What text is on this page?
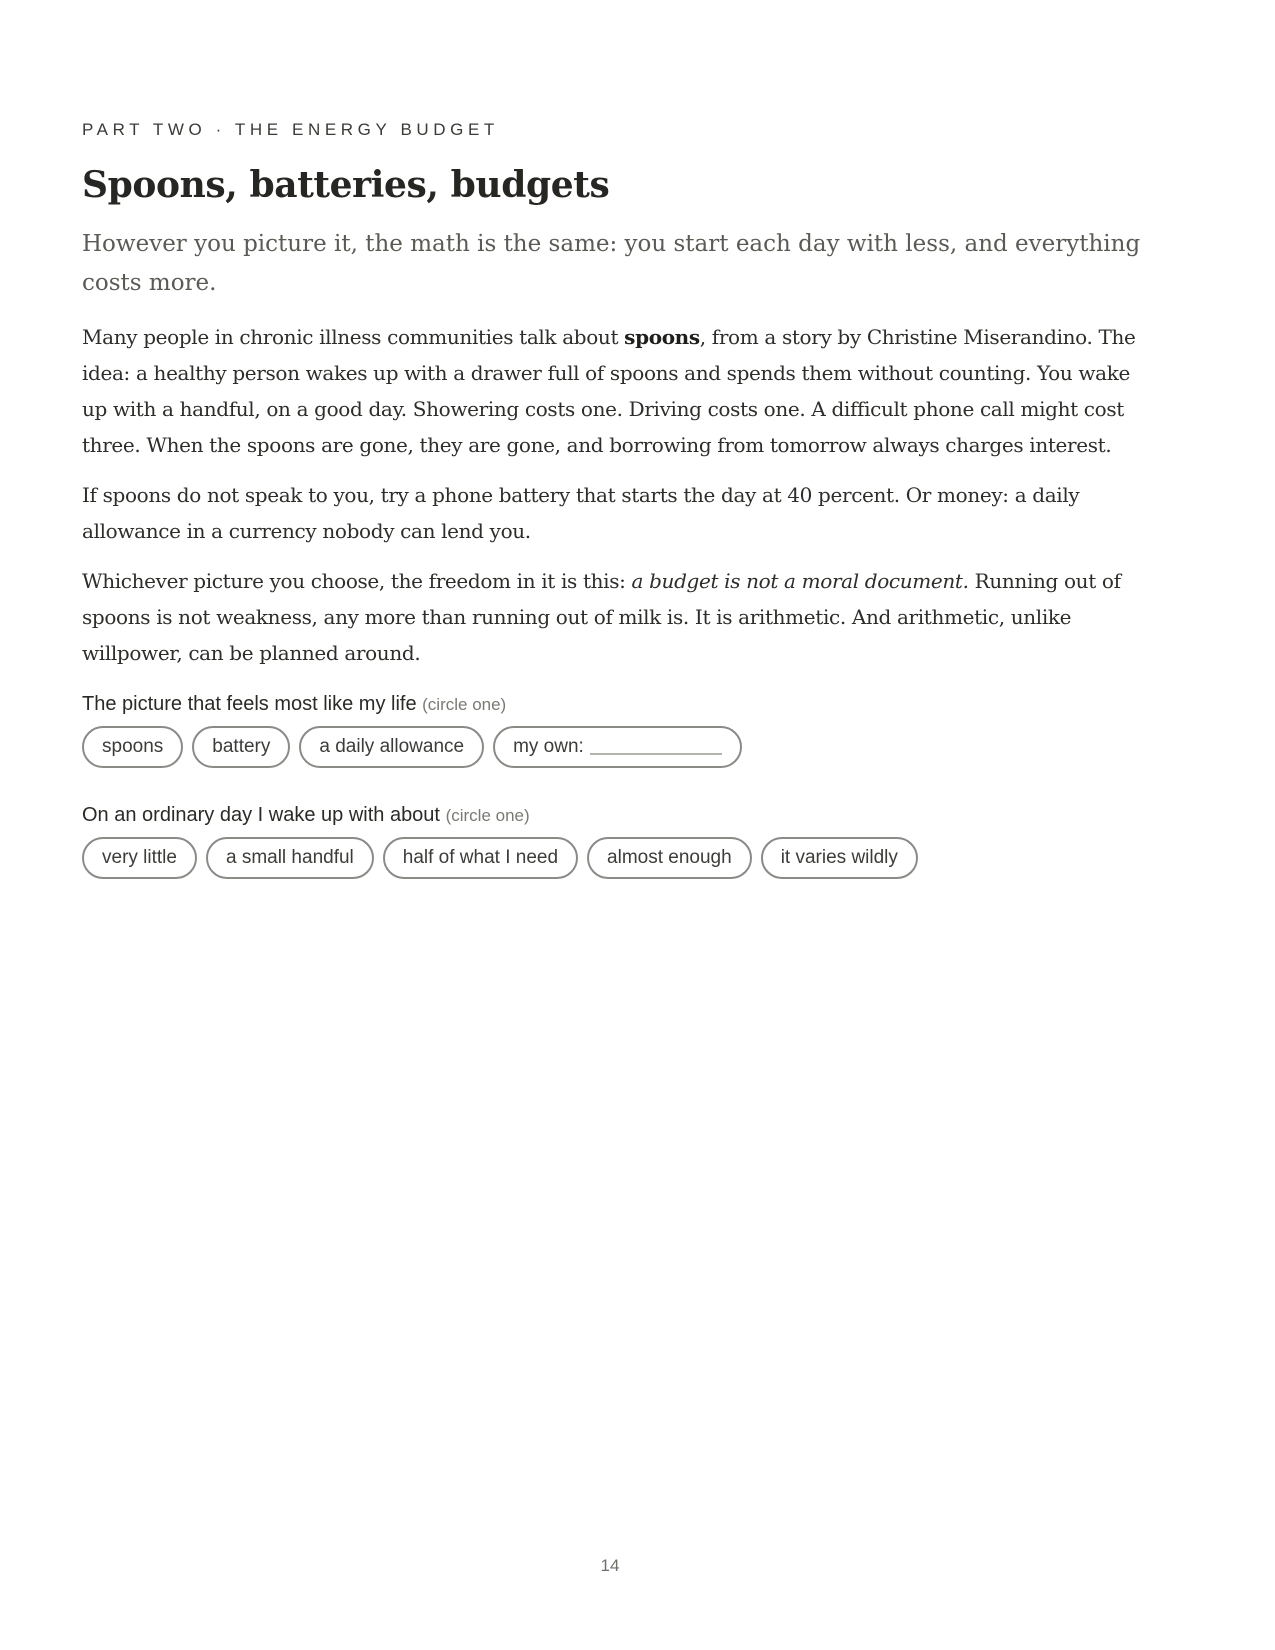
PART TWO · THE ENERGY BUDGET

Spoons, batteries, budgets

However you picture it, the math is the same: you start each day with less, and everything costs more.

Many people in chronic illness communities talk about spoons, from a story by Christine Miserandino. The idea: a healthy person wakes up with a drawer full of spoons and spends them without counting. You wake up with a handful, on a good day. Showering costs one. Driving costs one. A difficult phone call might cost three. When the spoons are gone, they are gone, and borrowing from tomorrow always charges interest.

If spoons do not speak to you, try a phone battery that starts the day at 40 percent. Or money: a daily allowance in a currency nobody can lend you.

Whichever picture you choose, the freedom in it is this: a budget is not a moral document. Running out of spoons is not weakness, any more than running out of milk is. It is arithmetic. And arithmetic, unlike willpower, can be planned around.

The picture that feels most like my life (circle one)

spoons	battery	a daily allowance	my own:

On an ordinary day I wake up with about (circle one)

very little	a small handful	half of what I need	almost enough	it varies wildly
14
